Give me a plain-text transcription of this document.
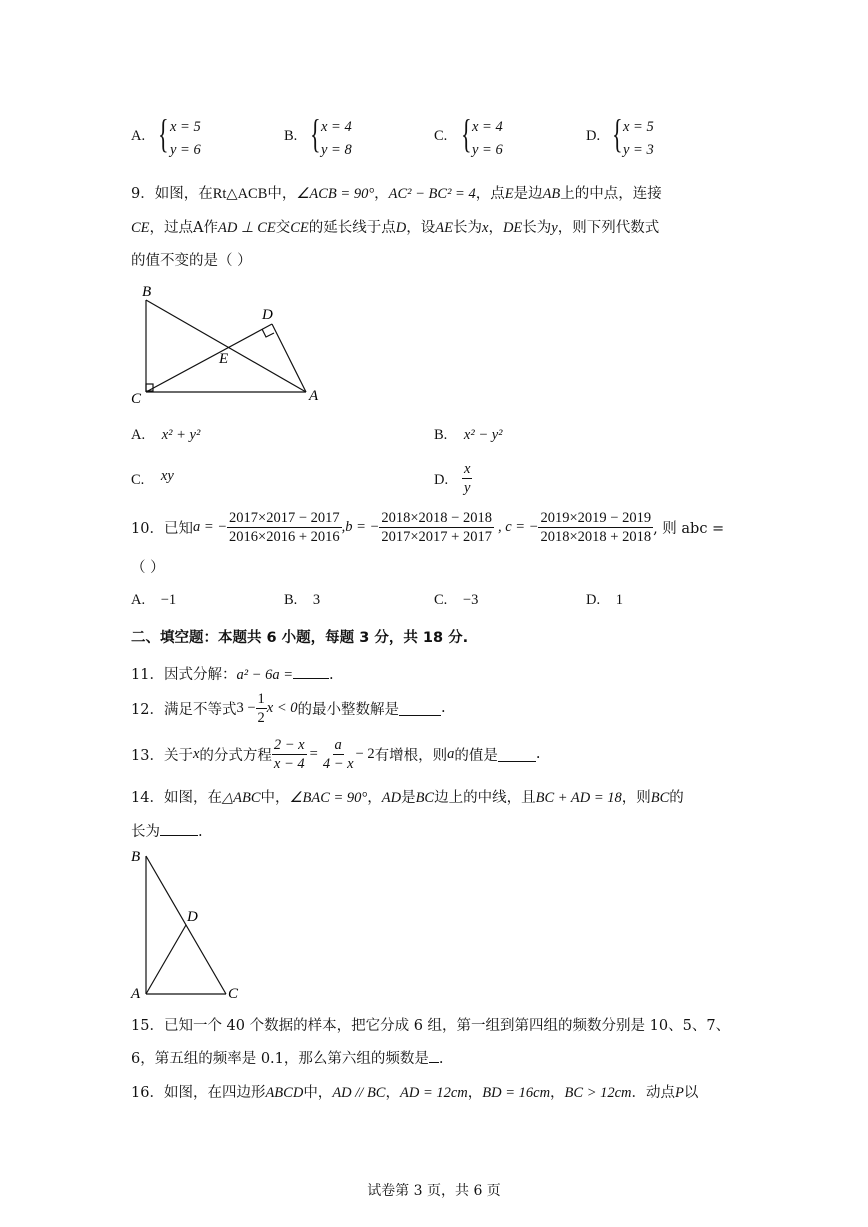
A. { x = 5
y = 6
B. { x = 4
y = 8
C. { x = 4
y = 6
D. { x = 5
y = 3
9．如图，在Rt△ACB中，∠ACB = 90°，AC² − BC² = 4，点E是边AB上的中点，连接
CE，过点A作AD ⊥ CE交CE的延长线于点D，设AE长为x，DE长为y，则下列代数式
的值不变的是（ ）
B
D
E
C	A
A. x² + y²	B. x² − y²
C. xy	D. $\frac{x}{y}$
10．已知 a = − $\frac{2017\times 2017 - 2017}{2016\times 2016 + 2016} ,b$ = − $\frac{2018\times 2018 - 2018}{2017\times 2017 + 2017}$ , c = − $\frac{2019\times 2019 - 2019}{2018\times 2018 + 2018}$ , 则 abc =
（ ）
A. −1	B. 3	C. −3	D. 1
二、填空题：本题共 6 小题，每题 3 分，共 18 分.
11．因式分解：a² − 6a = .
12．满足不等式 $3 - \frac{1}{2}$ x < 0 的最小整数解是	.
13．关于 x 的分式方程 $\frac{2 - x}{x - 4} = \frac{a}{4 - x} - 2$ 有增根，则 a 的值是	.
14．如图，在△ABC中，∠BAC = 90°，AD是BC边上的中线，且BC + AD = 18，则BC的
长为	.
B
D
A	C
15．已知一个 40 个数据的样本，把它分成 6 组，第一组到第四组的频数分别是 10、5、7、
6，第五组的频率是 0.1，那么第六组的频数是 .
16．如图，在四边形ABCD中，AD // BC，AD = 12cm，BD = 16cm，BC > 12cm．动点P以
试卷第 3 页，共 6 页
